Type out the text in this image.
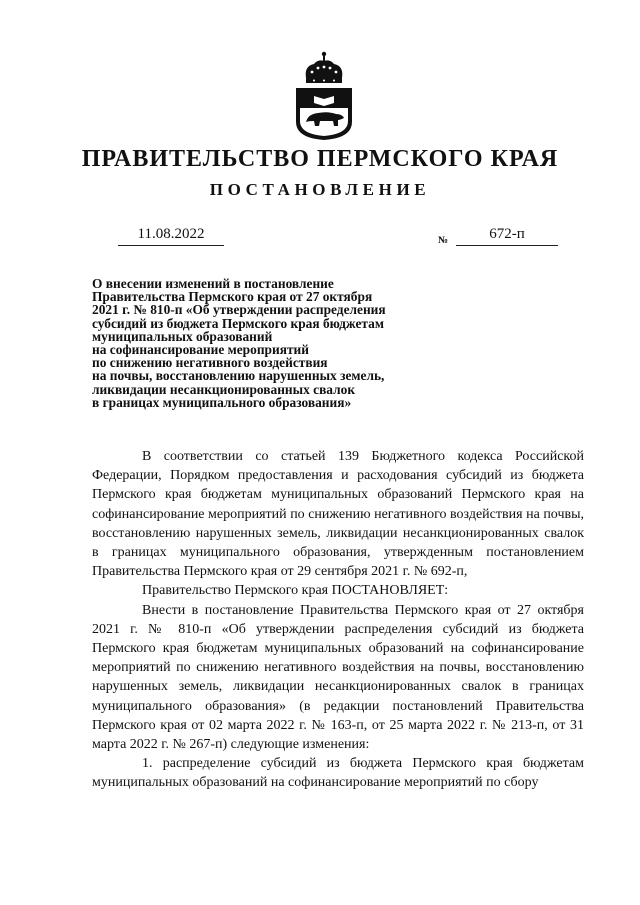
ПРАВИТЕЛЬСТВО ПЕРМСКОГО КРАЯ
ПОСТАНОВЛЕНИЕ
11.08.2022	№	672-п
О внесении изменений в постановление
Правительства Пермского края от 27 октября
2021 г. № 810-п «Об утверждении распределения
субсидий из бюджета Пермского края бюджетам
муниципальных образований
на софинансирование мероприятий
по снижению негативного воздействия
на почвы, восстановлению нарушенных земель,
ликвидации несанкционированных свалок
в границах муниципального образования»

В соответствии со статьей 139 Бюджетного кодекса Российской Федерации, Порядком предоставления и расходования субсидий из бюджета Пермского края бюджетам муниципальных образований Пермского края на софинансирование мероприятий по снижению негативного воздействия на почвы, восстановлению нарушенных земель, ликвидации несанкционированных свалок в границах муниципального образования, утвержденным постановлением Правительства Пермского края от 29 сентября 2021 г. № 692-п,

Правительство Пермского края ПОСТАНОВЛЯЕТ:

Внести в постановление Правительства Пермского края от 27 октября 2021 г. № 810-п «Об утверждении распределения субсидий из бюджета Пермского края бюджетам муниципальных образований на софинансирование мероприятий по снижению негативного воздействия на почвы, восстановлению нарушенных земель, ликвидации несанкционированных свалок в границах муниципального образования» (в редакции постановлений Правительства Пермского края от 02 марта 2022 г. № 163-п, от 25 марта 2022 г. № 213-п, от 31 марта 2022 г. № 267-п) следующие изменения:

1. распределение субсидий из бюджета Пермского края бюджетам муниципальных образований на софинансирование мероприятий по сбору
